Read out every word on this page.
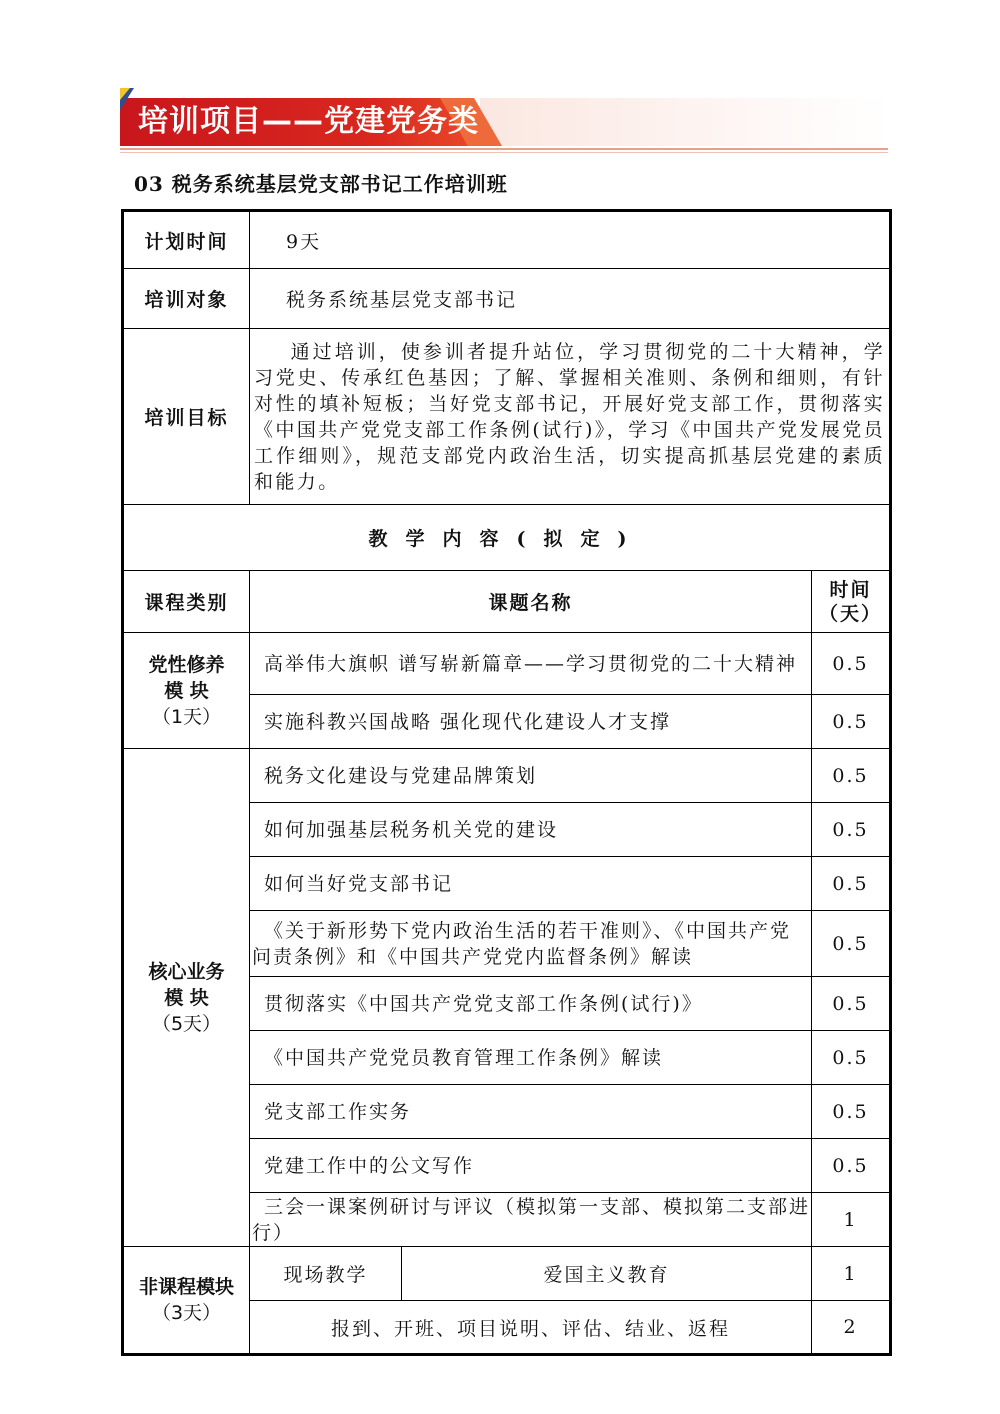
培训项目——党建党务类
03 税务系统基层党支部书记工作培训班
计划时间	9天		
培训对象	税务系统基层党支部书记		
培训目标	通过培训，使参训者提升站位，学习贯彻党的二十大精神，学习党史、传承红色基因；了解、掌握相关准则、条例和细则，有针对性的填补短板；当好党支部书记，开展好党支部工作，贯彻落实《中国共产党党支部工作条例(试行)》，学习《中国共产党发展党员工作细则》，规范支部党内政治生活，切实提高抓基层党建的素质和能力。		
教学内容(拟定)			
课程类别	课题名称		时间（天）

党性修养模 块
（1天）	高举伟大旗帜 谱写崭新篇章——学习贯彻党的二十大精神		0.5
	实施科教兴国战略 强化现代化建设人才支撑		0.5

核心业务模 块
（5天）	税务文化建设与党建品牌策划		0.5
	如何加强基层税务机关党的建设		0.5
	如何当好党支部书记		0.5
	《关于新形势下党内政治生活的若干准则》、《中国共产党问责条例》和《中国共产党党内监督条例》解读		0.5
	贯彻落实《中国共产党党支部工作条例(试行)》		0.5
	《中国共产党党员教育管理工作条例》解读		0.5
	党支部工作实务		0.5
	党建工作中的公文写作		0.5
	三会一课案例研讨与评议（模拟第一支部、模拟第二支部进行）		1

非课程模块
（3天）	现场教学	爱国主义教育	1
	报到、开班、项目说明、评估、结业、返程		2
